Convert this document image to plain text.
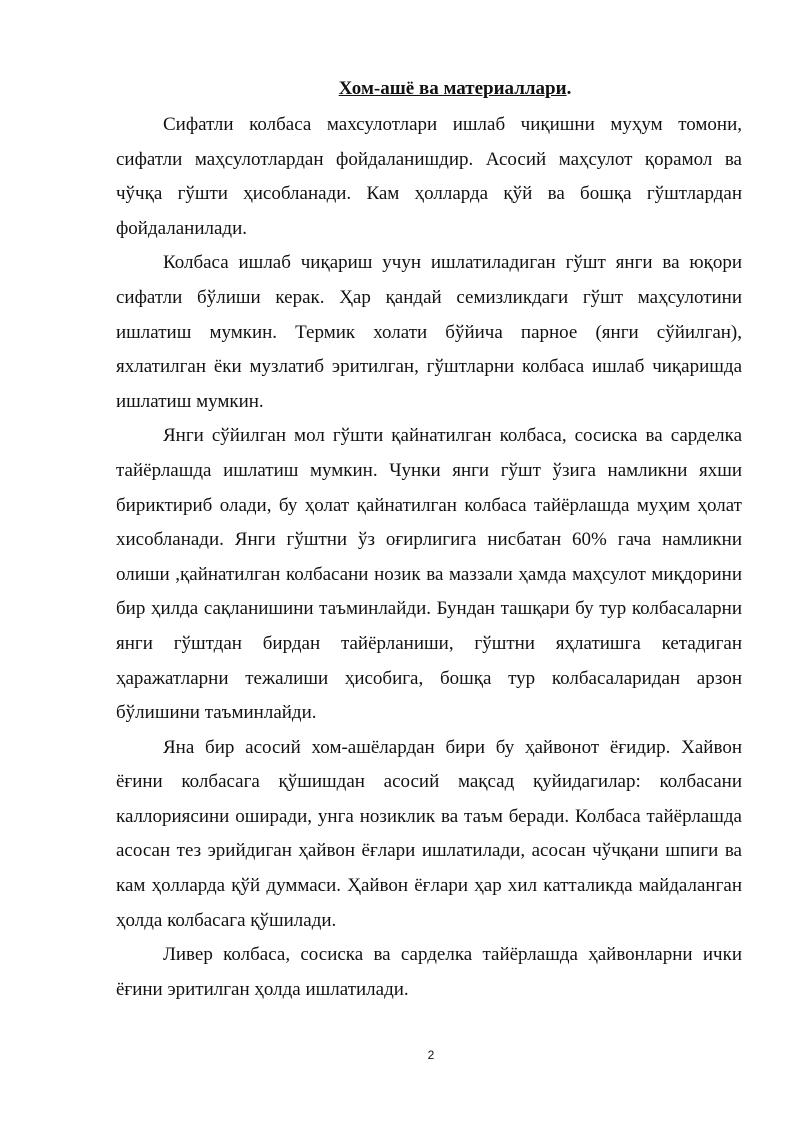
Хом-ашё ва материаллари.

Сифатли колбаса махсулотлари ишлаб чиқишни муҳум томони, сифатли маҳсулотлардан фойдаланишдир. Асосий маҳсулот қорамол ва чўчқа гўшти ҳисобланади. Кам ҳолларда қўй ва бошқа гўштлардан фойдаланилади.

Колбаса ишлаб чиқариш учун ишлатиладиган гўшт янги ва юқори сифатли бўлиши керак. Ҳар қандай семизликдаги гўшт маҳсулотини ишлатиш мумкин. Термик холати бўйича парное (янги сўйилган), яхлатилган ёки музлатиб эритилган, гўштларни колбаса ишлаб чиқаришда ишлатиш мумкин.

Янги сўйилган мол гўшти қайнатилган колбаса, сосиска ва сарделка тайёрлашда ишлатиш мумкин. Чунки янги гўшт ўзига намликни яхши бириктириб олади, бу ҳолат қайнатилган колбаса тайёрлашда муҳим ҳолат хисобланади. Янги гўштни ўз оғирлигига нисбатан 60% гача намликни олиши ,қайнатилган колбасани нозик ва маззали ҳамда маҳсулот миқдорини бир ҳилда сақланишини таъминлайди. Бундан ташқари бу тур колбасаларни янги гўштдан бирдан тайёрланиши, гўштни яҳлатишга кетадиган ҳаражатларни тежалиши ҳисобига, бошқа тур колбасаларидан арзон бўлишини таъминлайди.

Яна бир асосий хом-ашёлардан бири бу ҳайвонот ёғидир. Хайвон ёғини колбасага қўшишдан асосий мақсад қуйидагилар: колбасани каллориясини оширади, унга нозиклик ва таъм беради. Колбаса тайёрлашда асосан тез эрийдиган ҳайвон ёғлари ишлатилади, асосан чўчқани шпиги ва кам ҳолларда қўй думмаси. Ҳайвон ёғлари ҳар хил катталикда майдаланган ҳолда колбасага қўшилади.

Ливер колбаса, сосиска ва сарделка тайёрлашда ҳайвонларни ички ёғини эритилган ҳолда ишлатилади.

2
